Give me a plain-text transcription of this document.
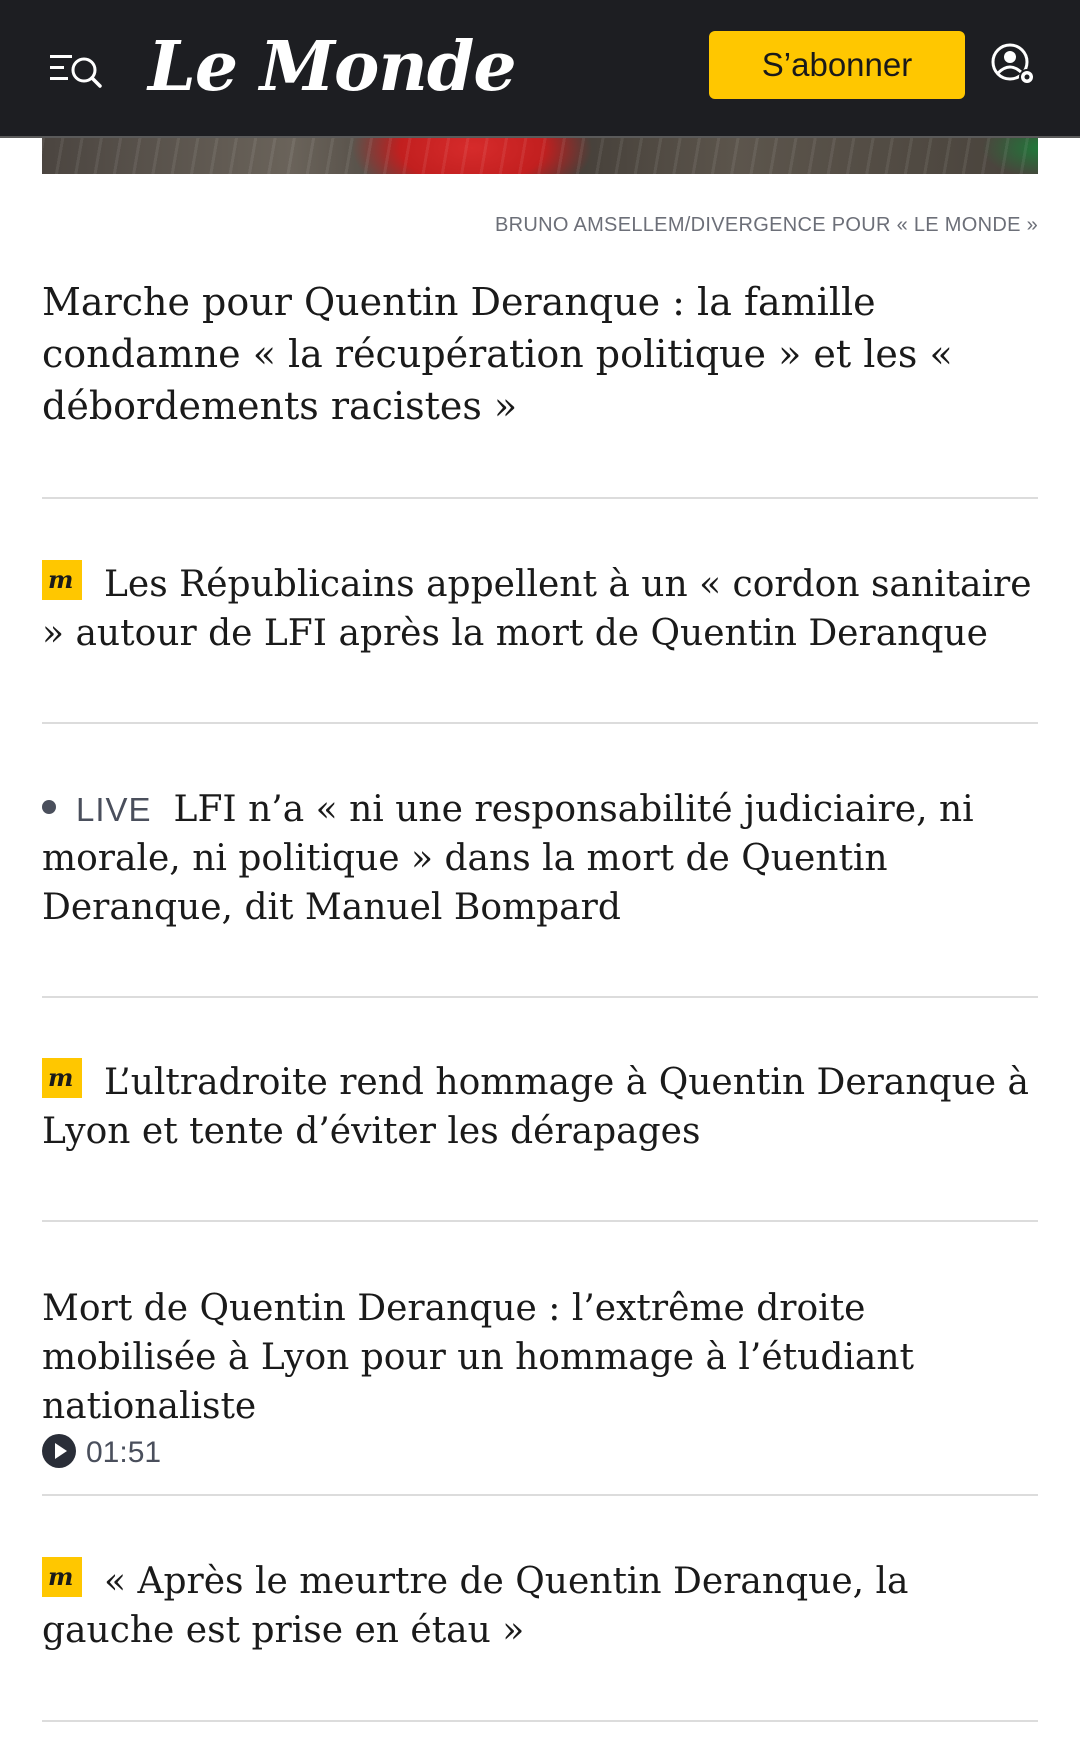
Le Monde	S’abonner
BRUNO AMSELLEM/DIVERGENCE POUR « LE MONDE »
Marche pour Quentin Deranque : la famille condamne « la récupération politique » et les « débordements racistes »
m Les Républicains appellent à un « cordon sanitaire » autour de LFI après la mort de Quentin Deranque
LIVE LFI n’a « ni une responsabilité judiciaire, ni morale, ni politique » dans la mort de Quentin Deranque, dit Manuel Bompard
m L’ultradroite rend hommage à Quentin Deranque à Lyon et tente d’éviter les dérapages
Mort de Quentin Deranque : l’extrême droite mobilisée à Lyon pour un hommage à l’étudiant nationaliste
01:51
m « Après le meurtre de Quentin Deranque, la gauche est prise en étau »
